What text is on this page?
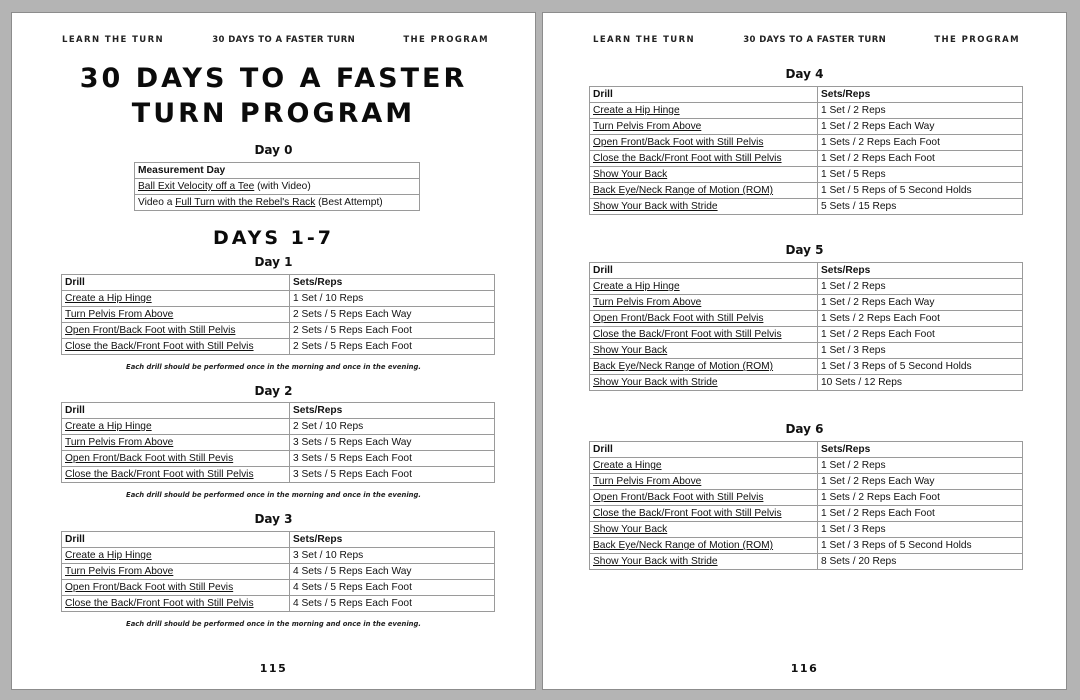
LEARN THE TURN	30 DAYS TO A FASTER TURN	THE PROGRAM
30 DAYS TO A FASTER
TURN PROGRAM
Day 0
Measurement Day
Ball Exit Velocity off a Tee (with Video)
Video a Full Turn with the Rebel's Rack (Best Attempt)
DAYS 1-7
Day 1
Drill	Sets/Reps
Create a Hip Hinge	1 Set / 10 Reps
Turn Pelvis From Above	2 Sets / 5 Reps Each Way
Open Front/Back Foot with Still Pelvis	2 Sets / 5 Reps Each Foot
Close the Back/Front Foot with Still Pelvis	2 Sets / 5 Reps Each Foot
Each drill should be performed once in the morning and once in the evening.
Day 2
Drill	Sets/Reps
Create a Hip Hinge	2 Set / 10 Reps
Turn Pelvis From Above	3 Sets / 5 Reps Each Way
Open Front/Back Foot with Still Pevis	3 Sets / 5 Reps Each Foot
Close the Back/Front Foot with Still Pelvis	3 Sets / 5 Reps Each Foot
Each drill should be performed once in the morning and once in the evening.
Day 3
Drill	Sets/Reps
Create a Hip Hinge	3 Set / 10 Reps
Turn Pelvis From Above	4 Sets / 5 Reps Each Way
Open Front/Back Foot with Still Pevis	4 Sets / 5 Reps Each Foot
Close the Back/Front Foot with Still Pelvis	4 Sets / 5 Reps Each Foot
Each drill should be performed once in the morning and once in the evening.
115
LEARN THE TURN	30 DAYS TO A FASTER TURN	THE PROGRAM
Day 4
Drill	Sets/Reps
Create a Hip Hinge	1 Set / 2 Reps
Turn Pelvis From Above	1 Set / 2 Reps Each Way
Open Front/Back Foot with Still Pelvis	1 Sets / 2 Reps Each Foot
Close the Back/Front Foot with Still Pelvis	1 Set / 2 Reps Each Foot
Show Your Back	1 Set / 5 Reps
Back Eye/Neck Range of Motion (ROM)	1 Set / 5 Reps of 5 Second Holds
Show Your Back with Stride	5 Sets / 15 Reps
Day 5
Drill	Sets/Reps
Create a Hip Hinge	1 Set / 2 Reps
Turn Pelvis From Above	1 Set / 2 Reps Each Way
Open Front/Back Foot with Still Pelvis	1 Sets / 2 Reps Each Foot
Close the Back/Front Foot with Still Pelvis	1 Set / 2 Reps Each Foot
Show Your Back	1 Set / 3 Reps
Back Eye/Neck Range of Motion (ROM)	1 Set / 3 Reps of 5 Second Holds
Show Your Back with Stride	10 Sets / 12 Reps
Day 6
Drill	Sets/Reps
Create a Hinge	1 Set / 2 Reps
Turn Pelvis From Above	1 Set / 2 Reps Each Way
Open Front/Back Foot with Still Pelvis	1 Sets / 2 Reps Each Foot
Close the Back/Front Foot with Still Pelvis	1 Set / 2 Reps Each Foot
Show Your Back	1 Set / 3 Reps
Back Eye/Neck Range of Motion (ROM)	1 Set / 3 Reps of 5 Second Holds
Show Your Back with Stride	8 Sets / 20 Reps
116
